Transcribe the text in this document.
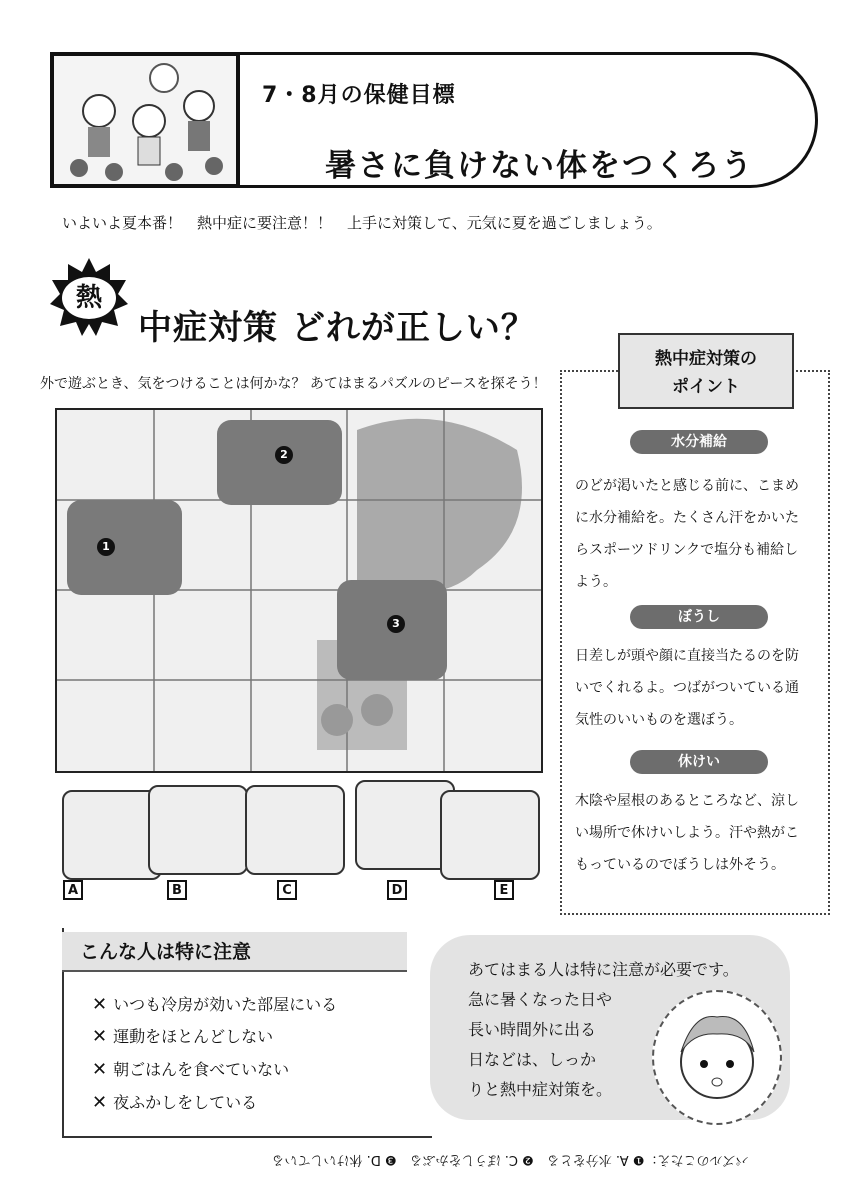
7・8月の保健目標
暑さに負けない体をつくろう
いよいよ夏本番！　熱中症に要注意！！　上手に対策して、元気に夏を過ごしましょう。
熱
中症対策 どれが正しい？
外で遊ぶとき、気をつけることは何かな？ あてはまるパズルのピースを探そう！
1
2
3
A	B	C	D	E
熱中症対策の
ポイント
水分補給
のどが渇いたと感じる前に、こまめに水分補給を。たくさん汗をかいたらスポーツドリンクで塩分も補給しよう。
ぼうし
日差しが頭や顔に直接当たるのを防いでくれるよ。つばがついている通気性のいいものを選ぼう。
休けい
木陰や屋根のあるところなど、涼しい場所で休けいしよう。汗や熱がこもっているのでぼうしは外そう。
こんな人は特に注意
✕ いつも冷房が効いた部屋にいる
✕ 運動をほとんどしない
✕ 朝ごはんを食べていない
✕ 夜ふかしをしている
あてはまる人は特に注意が必要です。
急に暑くなった日や
長い時間外に出る
日などは、しっか
りと熱中症対策を。
パズルのこたえ：❶ A. 水分をとる　❷ C. ぼうしをかぶる　❸ D. 休けいしている
